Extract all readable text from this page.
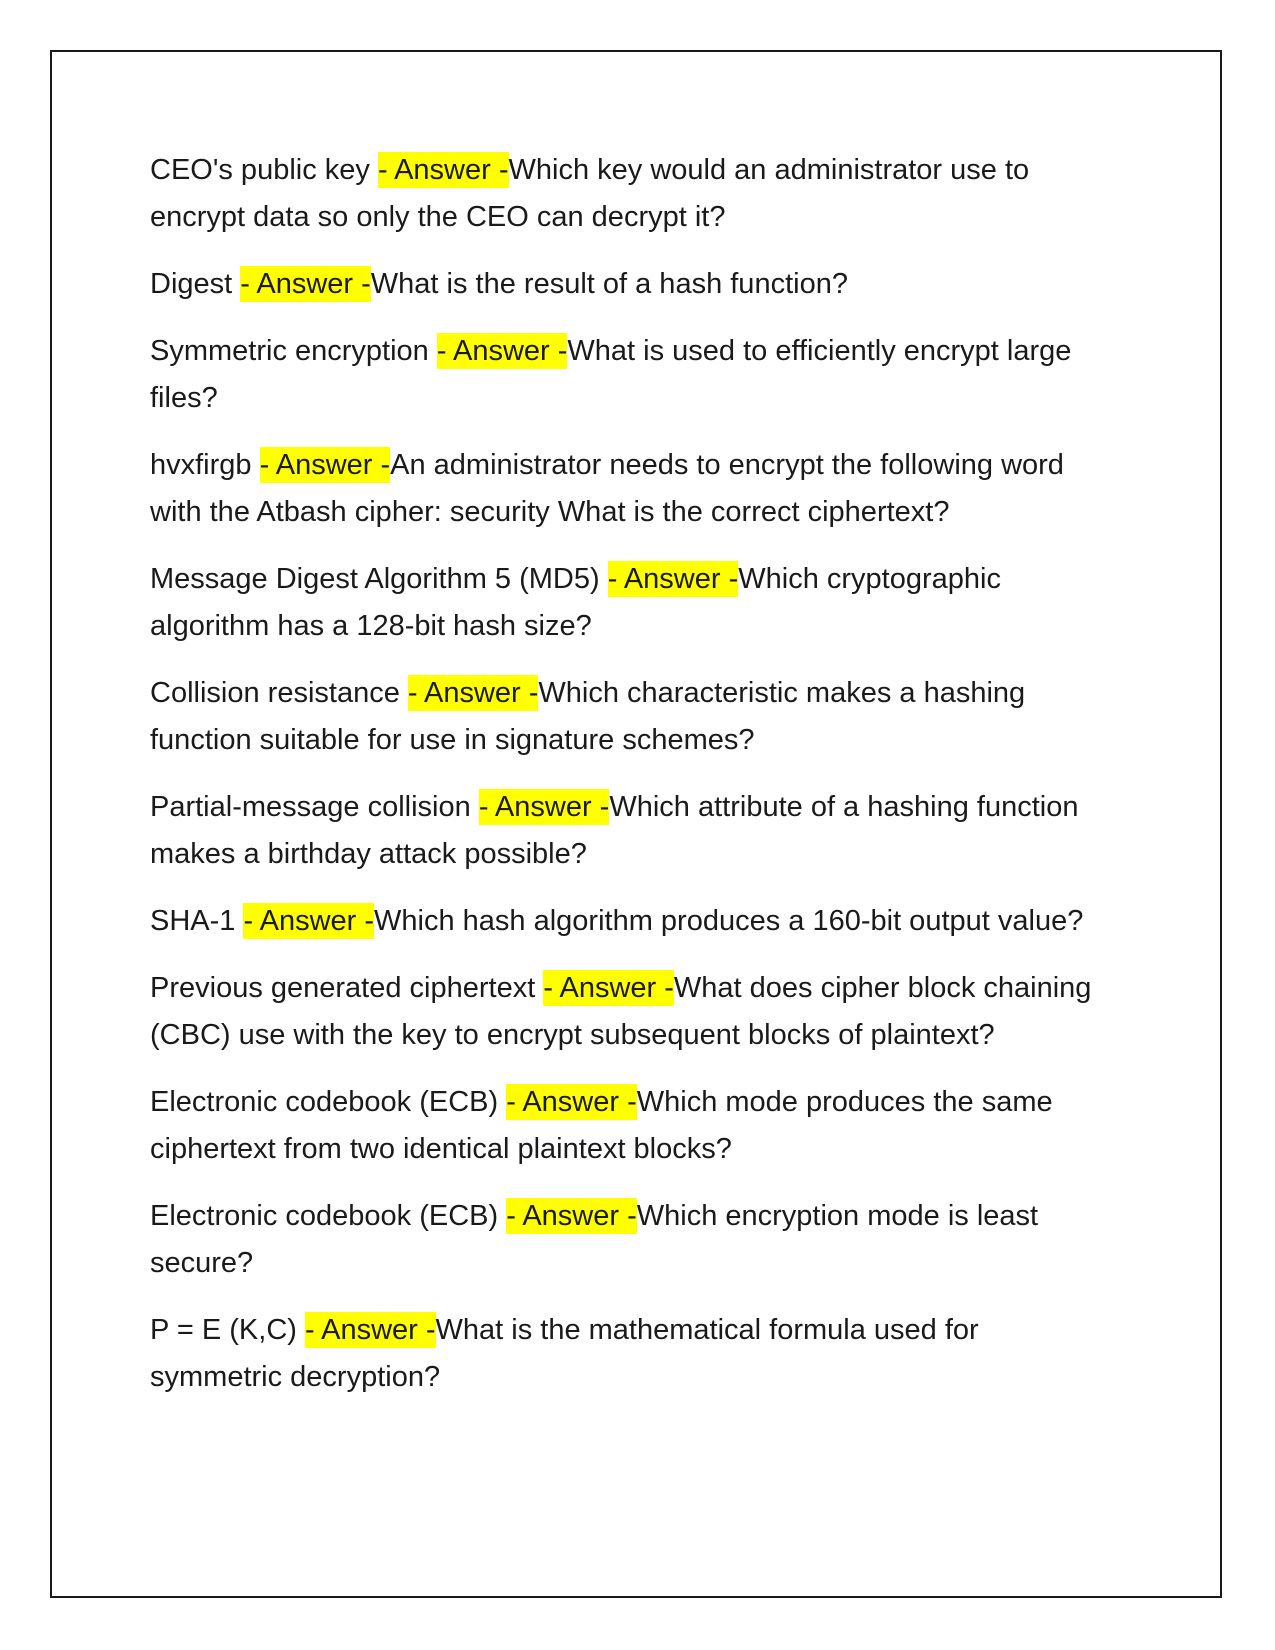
CEO's public key - Answer -Which key would an administrator use to encrypt data so only the CEO can decrypt it?

Digest - Answer -What is the result of a hash function?

Symmetric encryption - Answer -What is used to efficiently encrypt large files?

hvxfirgb - Answer -An administrator needs to encrypt the following word with the Atbash cipher: security What is the correct ciphertext?

Message Digest Algorithm 5 (MD5) - Answer -Which cryptographic algorithm has a 128-bit hash size?

Collision resistance - Answer -Which characteristic makes a hashing function suitable for use in signature schemes?

Partial-message collision - Answer -Which attribute of a hashing function makes a birthday attack possible?

SHA-1 - Answer -Which hash algorithm produces a 160-bit output value?

Previous generated ciphertext - Answer -What does cipher block chaining (CBC) use with the key to encrypt subsequent blocks of plaintext?

Electronic codebook (ECB) - Answer -Which mode produces the same ciphertext from two identical plaintext blocks?

Electronic codebook (ECB) - Answer -Which encryption mode is least secure?

P = E (K,C) - Answer -What is the mathematical formula used for symmetric decryption?
